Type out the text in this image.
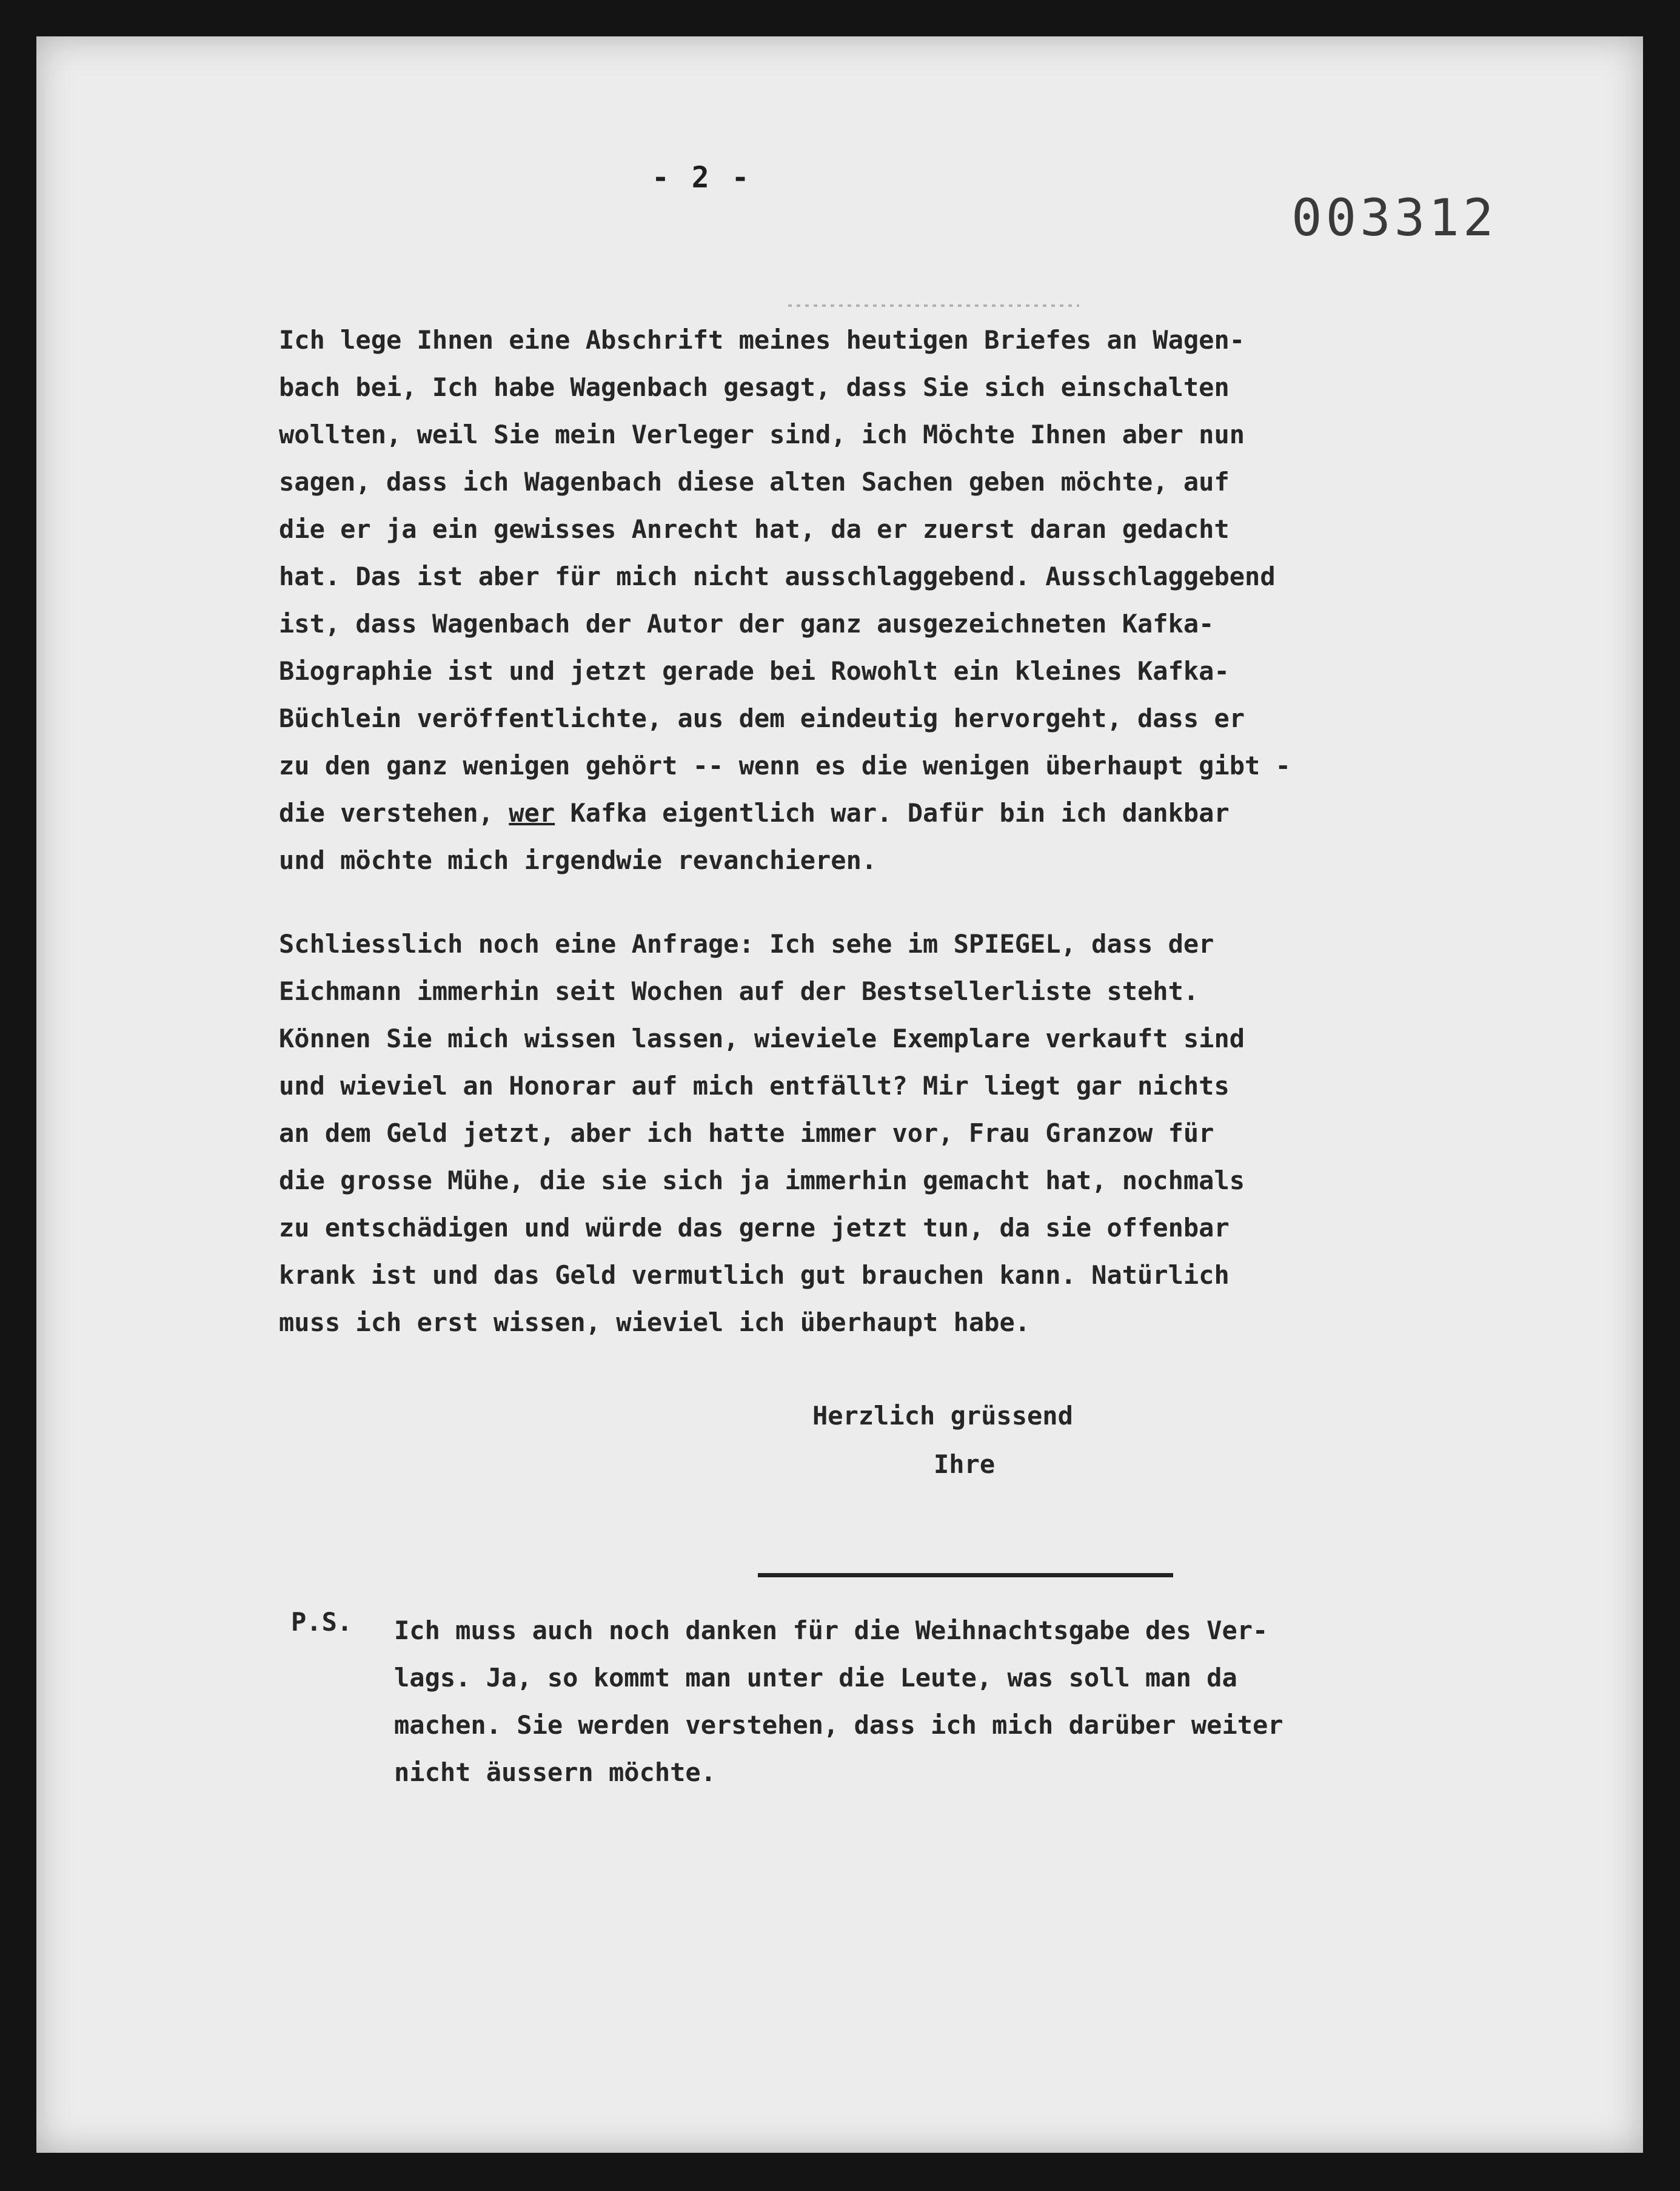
- 2 -
003312
Ich lege Ihnen eine Abschrift meines heutigen Briefes an Wagen-
bach bei, Ich habe Wagenbach gesagt, dass Sie sich einschalten
wollten, weil Sie mein Verleger sind, ich Möchte Ihnen aber nun
sagen, dass ich Wagenbach diese alten Sachen geben möchte, auf
die er ja ein gewisses Anrecht hat, da er zuerst daran gedacht
hat. Das ist aber für mich nicht ausschlaggebend. Ausschlaggebend
ist, dass Wagenbach der Autor der ganz ausgezeichneten Kafka-
Biographie ist und jetzt gerade bei Rowohlt ein kleines Kafka-
Büchlein veröffentlichte, aus dem eindeutig hervorgeht, dass er
zu den ganz wenigen gehört -- wenn es die wenigen überhaupt gibt -
die verstehen, wer Kafka eigentlich war. Dafür bin ich dankbar
und möchte mich irgendwie revanchieren.
Schliesslich noch eine Anfrage: Ich sehe im SPIEGEL, dass der
Eichmann immerhin seit Wochen auf der Bestsellerliste steht.
Können Sie mich wissen lassen, wieviele Exemplare verkauft sind
und wieviel an Honorar auf mich entfällt? Mir liegt gar nichts
an dem Geld jetzt, aber ich hatte immer vor, Frau Granzow für
die grosse Mühe, die sie sich ja immerhin gemacht hat, nochmals
zu entschädigen und würde das gerne jetzt tun, da sie offenbar
krank ist und das Geld vermutlich gut brauchen kann. Natürlich
muss ich erst wissen, wieviel ich überhaupt habe.
Herzlich grüssend
Ihre
P.S. Ich muss auch noch danken für die Weihnachtsgabe des Ver-
lags. Ja, so kommt man unter die Leute, was soll man da
machen. Sie werden verstehen, dass ich mich darüber weiter
nicht äussern möchte.
